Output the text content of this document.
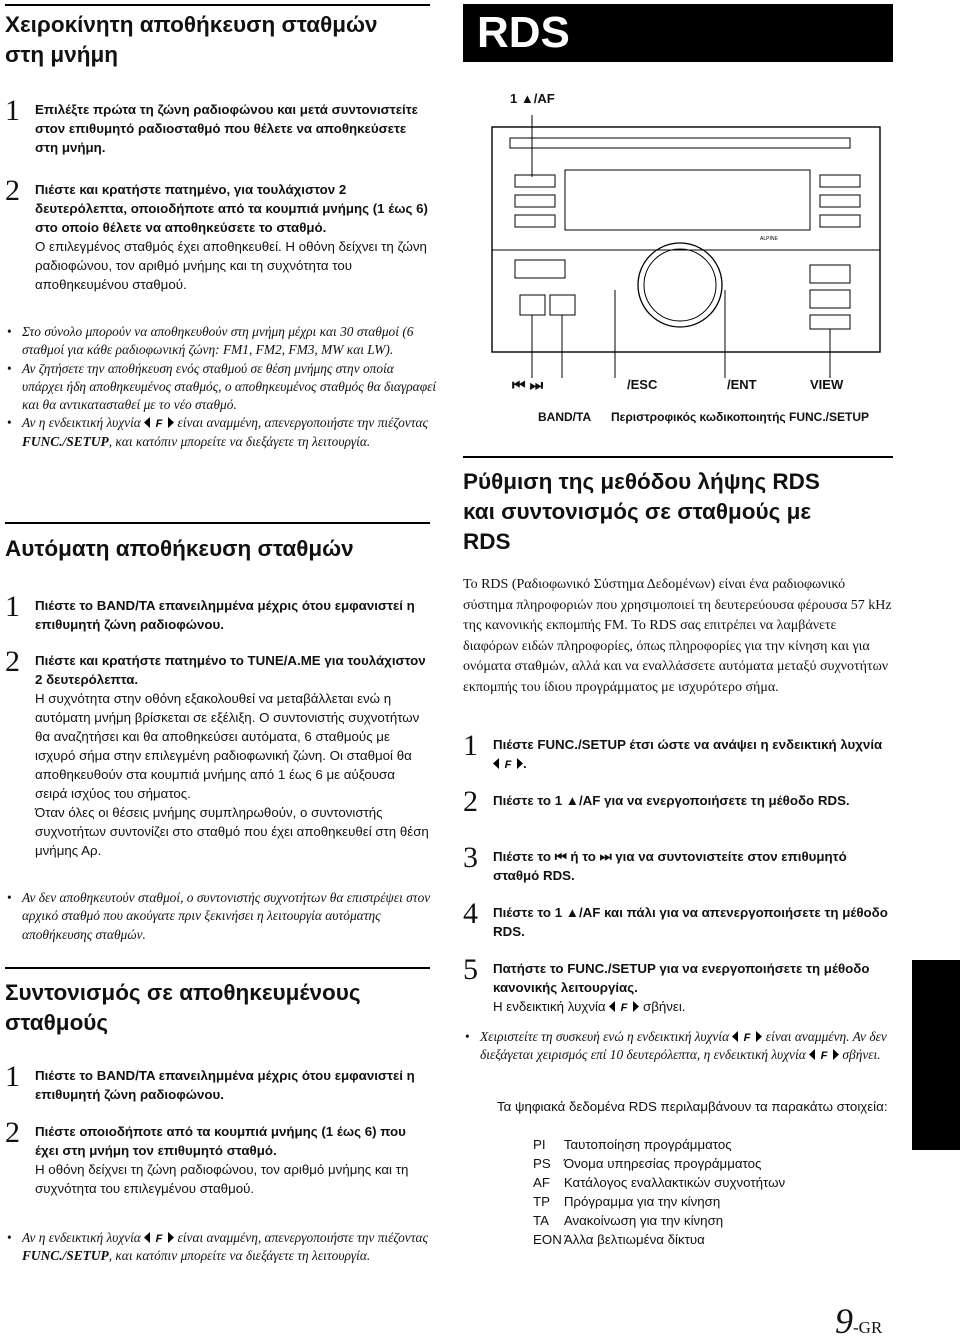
RDS
Χειροκίνητη αποθήκευση σταθμών
στη μνήμη
1 Επιλέξτε πρώτα τη ζώνη ραδιοφώνου και μετά συντονιστείτε στον επιθυμητό ραδιοσταθμό που θέλετε να αποθηκεύσετε στη μνήμη.
2 Πιέστε και κρατήστε πατημένο, για τουλάχιστον 2 δευτερόλεπτα, οποιοδήποτε από τα κουμπιά μνήμης (1 έως 6) στο οποίο θέλετε να αποθηκεύσετε το σταθμό.
Ο επιλεγμένος σταθμός έχει αποθηκευθεί. Η οθόνη δείχνει τη ζώνη ραδιοφώνου, τον αριθμό μνήμης και τη συχνότητα του αποθηκευμένου σταθμού.
• Στο σύνολο μπορούν να αποθηκευθούν στη μνήμη μέχρι και 30 σταθμοί (6 σταθμοί για κάθε ραδιοφωνική ζώνη: FM1, FM2, FM3, MW και LW).
• Αν ζητήσετε την αποθήκευση ενός σταθμού σε θέση μνήμης στην οποία υπάρχει ήδη αποθηκευμένος σταθμός, ο αποθηκευμένος σταθμός θα διαγραφεί και θα αντικατασταθεί με το νέο σταθμό.
• Αν η ενδεικτική λυχνία F είναι αναμμένη, απενεργοποιήστε την πιέζοντας FUNC./SETUP, και κατόπιν μπορείτε να διεξάγετε τη λειτουργία.
Αυτόματη αποθήκευση σταθμών
1 Πιέστε το BAND/TA επανειλημμένα μέχρις ότου εμφανιστεί η επιθυμητή ζώνη ραδιοφώνου.
2 Πιέστε και κρατήστε πατημένο το TUNE/A.ME για τουλάχιστον 2 δευτερόλεπτα.
Η συχνότητα στην οθόνη εξακολουθεί να μεταβάλλεται ενώ η αυτόματη μνήμη βρίσκεται σε εξέλιξη. Ο συντονιστής συχνοτήτων θα αναζητήσει και θα αποθηκεύσει αυτόματα, 6 σταθμούς με ισχυρό σήμα στην επιλεγμένη ραδιοφωνική ζώνη. Οι σταθμοί θα αποθηκευθούν στα κουμπιά μνήμης από 1 έως 6 με αύξουσα σειρά ισχύος του σήματος.
Όταν όλες οι θέσεις μνήμης συμπληρωθούν, ο συντονιστής συχνοτήτων συντονίζει στο σταθμό που έχει αποθηκευθεί στη θέση μνήμης Αρ.
• Αν δεν αποθηκευτούν σταθμοί, ο συντονιστής συχνοτήτων θα επιστρέψει στον αρχικό σταθμό που ακούγατε πριν ξεκινήσει η λειτουργία αυτόματης αποθήκευσης σταθμών.
Συντονισμός σε αποθηκευμένους
σταθμούς
1 Πιέστε το BAND/TA επανειλημμένα μέχρις ότου εμφανιστεί η επιθυμητή ζώνη ραδιοφώνου.
2 Πιέστε οποιοδήποτε από τα κουμπιά μνήμης (1 έως 6) που έχει στη μνήμη τον επιθυμητό σταθμό.
Η οθόνη δείχνει τη ζώνη ραδιοφώνου, τον αριθμό μνήμης και τη συχνότητα του επιλεγμένου σταθμού.
• Αν η ενδεικτική λυχνία F είναι αναμμένη, απενεργοποιήστε την πιέζοντας FUNC./SETUP, και κατόπιν μπορείτε να διεξάγετε τη λειτουργία.
1 ▲/AF
ALPINE
⏮ ⏭	/ESC	/ENT	VIEW
BAND/TA Περιστροφικός κωδικοποιητής FUNC./SETUP
Ρύθμιση της μεθόδου λήψης RDS
και συντονισμός σε σταθμούς με
RDS
Το RDS (Ραδιοφωνικό Σύστημα Δεδομένων) είναι ένα ραδιοφωνικό σύστημα πληροφοριών που χρησιμοποιεί τη δευτερεύουσα φέρουσα 57 kHz της κανονικής εκπομπής FM. Το RDS σας επιτρέπει να λαμβάνετε διαφόρων ειδών πληροφορίες, όπως πληροφορίες για την κίνηση και για ονόματα σταθμών, αλλά και να εναλλάσσετε αυτόματα μεταξύ συχνοτήτων εκπομπής του ίδιου προγράμματος με ισχυρότερο σήμα.
1 Πιέστε FUNC./SETUP έτσι ώστε να ανάψει η ενδεικτική λυχνία
F .
2 Πιέστε το 1 ▲/AF για να ενεργοποιήσετε τη μέθοδο RDS.
3 Πιέστε το ⏮ ή το ⏭ για να συντονιστείτε στον επιθυμητό σταθμό RDS.
4 Πιέστε το 1 ▲/AF και πάλι για να απενεργοποιήσετε τη μέθοδο RDS.
5 Πατήστε το FUNC./SETUP για να ενεργοποιήσετε τη μέθοδο κανονικής λειτουργίας.
Η ενδεικτική λυχνία F σβήνει.
• Χειριστείτε τη συσκευή ενώ η ενδεικτική λυχνία F είναι αναμμένη. Αν δεν διεξάγεται χειρισμός επί 10 δευτερόλεπτα, η ενδεικτική λυχνία F σβήνει.
Τα ψηφιακά δεδομένα RDS περιλαμβάνουν τα παρακάτω στοιχεία:
PI	Ταυτοποίηση προγράμματος
PS	Όνομα υπηρεσίας προγράμματος
AF	Κατάλογος εναλλακτικών συχνοτήτων
TP	Πρόγραμμα για την κίνηση
TA	Ανακοίνωση για την κίνηση
EON	Άλλα βελτιωμένα δίκτυα
9-GR
